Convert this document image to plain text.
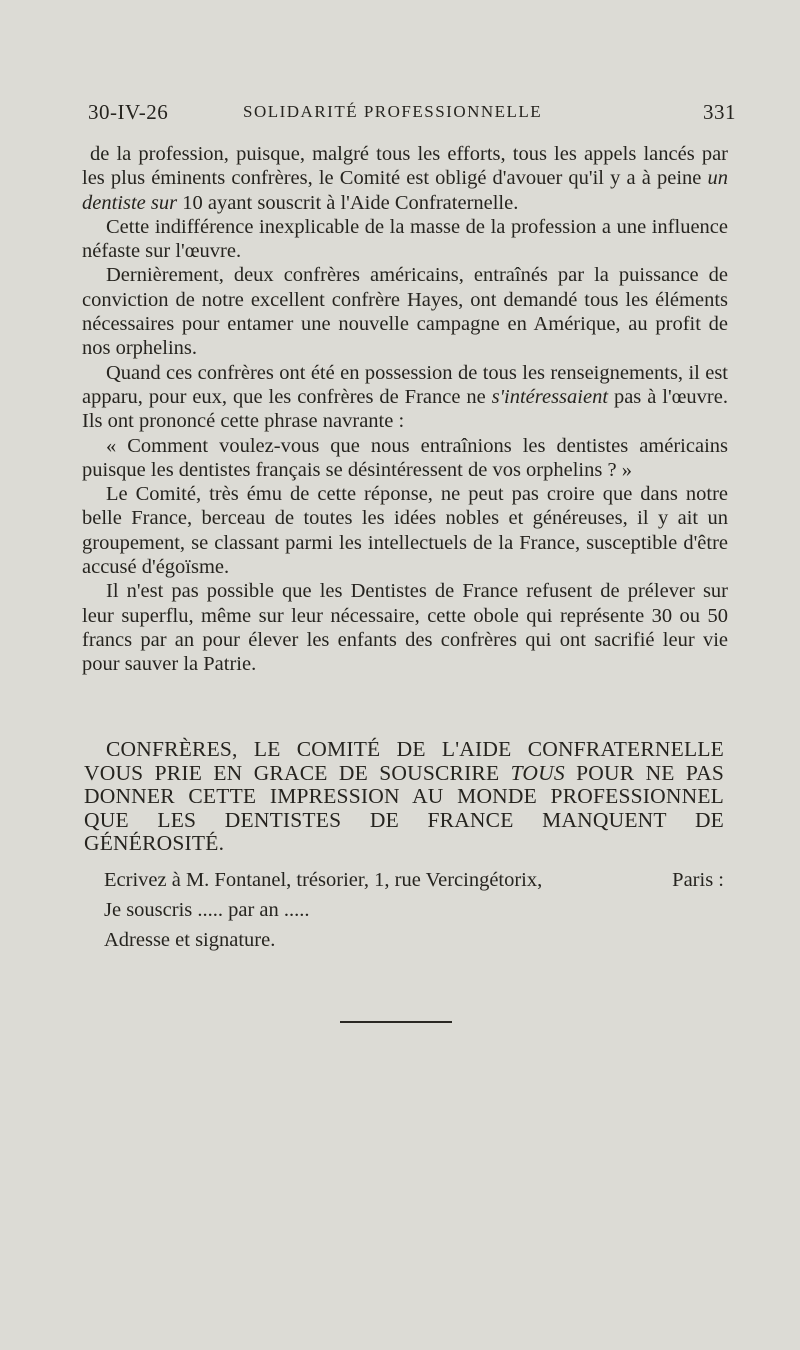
30-IV-26	SOLIDARITÉ PROFESSIONNELLE	331

de la profession, puisque, malgré tous les efforts, tous les appels lancés par les plus éminents confrères, le Comité est obligé d'avouer qu'il y a à peine un dentiste sur 10 ayant souscrit à l'Aide Confraternelle.

Cette indifférence inexplicable de la masse de la profession a une influence néfaste sur l'œuvre.

Dernièrement, deux confrères américains, entraînés par la puissance de conviction de notre excellent confrère Hayes, ont demandé tous les éléments nécessaires pour entamer une nouvelle campagne en Amérique, au profit de nos orphelins.

Quand ces confrères ont été en possession de tous les renseignements, il est apparu, pour eux, que les confrères de France ne s'intéressaient pas à l'œuvre. Ils ont prononcé cette phrase navrante :

« Comment voulez-vous que nous entraînions les dentistes américains puisque les dentistes français se désintéressent de vos orphelins ? »

Le Comité, très ému de cette réponse, ne peut pas croire que dans notre belle France, berceau de toutes les idées nobles et généreuses, il y ait un groupement, se classant parmi les intellectuels de la France, susceptible d'être accusé d'égoïsme.

Il n'est pas possible que les Dentistes de France refusent de prélever sur leur superflu, même sur leur nécessaire, cette obole qui représente 30 ou 50 francs par an pour élever les enfants des confrères qui ont sacrifié leur vie pour sauver la Patrie.

CONFRÈRES, LE COMITÉ DE L'AIDE CONFRATERNELLE VOUS PRIE EN GRACE DE SOUSCRIRE TOUS POUR NE PAS DONNER CETTE IMPRESSION AU MONDE PROFESSIONNEL QUE LES DENTISTES DE FRANCE MANQUENT DE GÉNÉROSITÉ.
Ecrivez à M. Fontanel, trésorier, 1, rue Vercingétorix,	Paris :
Je souscris ..... par an .....
Adresse et signature.
